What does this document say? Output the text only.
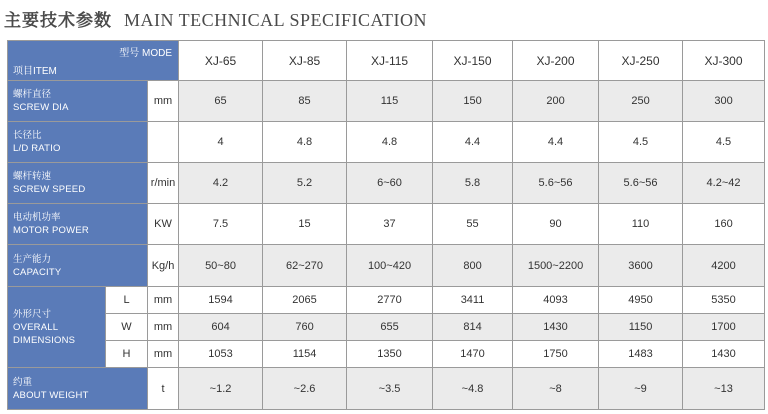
主要技术参数 MAIN TECHNICAL SPECIFICATION
型号 MODE
项目ITEM			XJ-65	XJ-85	XJ-115	XJ-150	XJ-200	XJ-250	XJ-300

螺杆直径
SCREW DIA		mm	65	85	115	150	200	250	300

长径比
L/D RATIO			4	4.8	4.8	4.4	4.4	4.5	4.5

螺杆转速
SCREW SPEED		r/min	4.2	5.2	6~60	5.8	5.6~56	5.6~56	4.2~42

电动机功率
MOTOR POWER		KW	7.5	15	37	55	90	110	160

生产能力
CAPACITY		Kg/h	50~80	62~270	100~420	800	1500~2200	3600	4200

外形尺寸
OVERALL
DIMENSIONS	L	mm	1594	2065	2770	3411	4093	4950	5350
	W	mm	604	760	655	814	1430	1150	1700
	H	mm	1053	1154	1350	1470	1750	1483	1430

约重
ABOUT WEIGHT		t	~1.2	~2.6	~3.5	~4.8	~8	~9	~13
